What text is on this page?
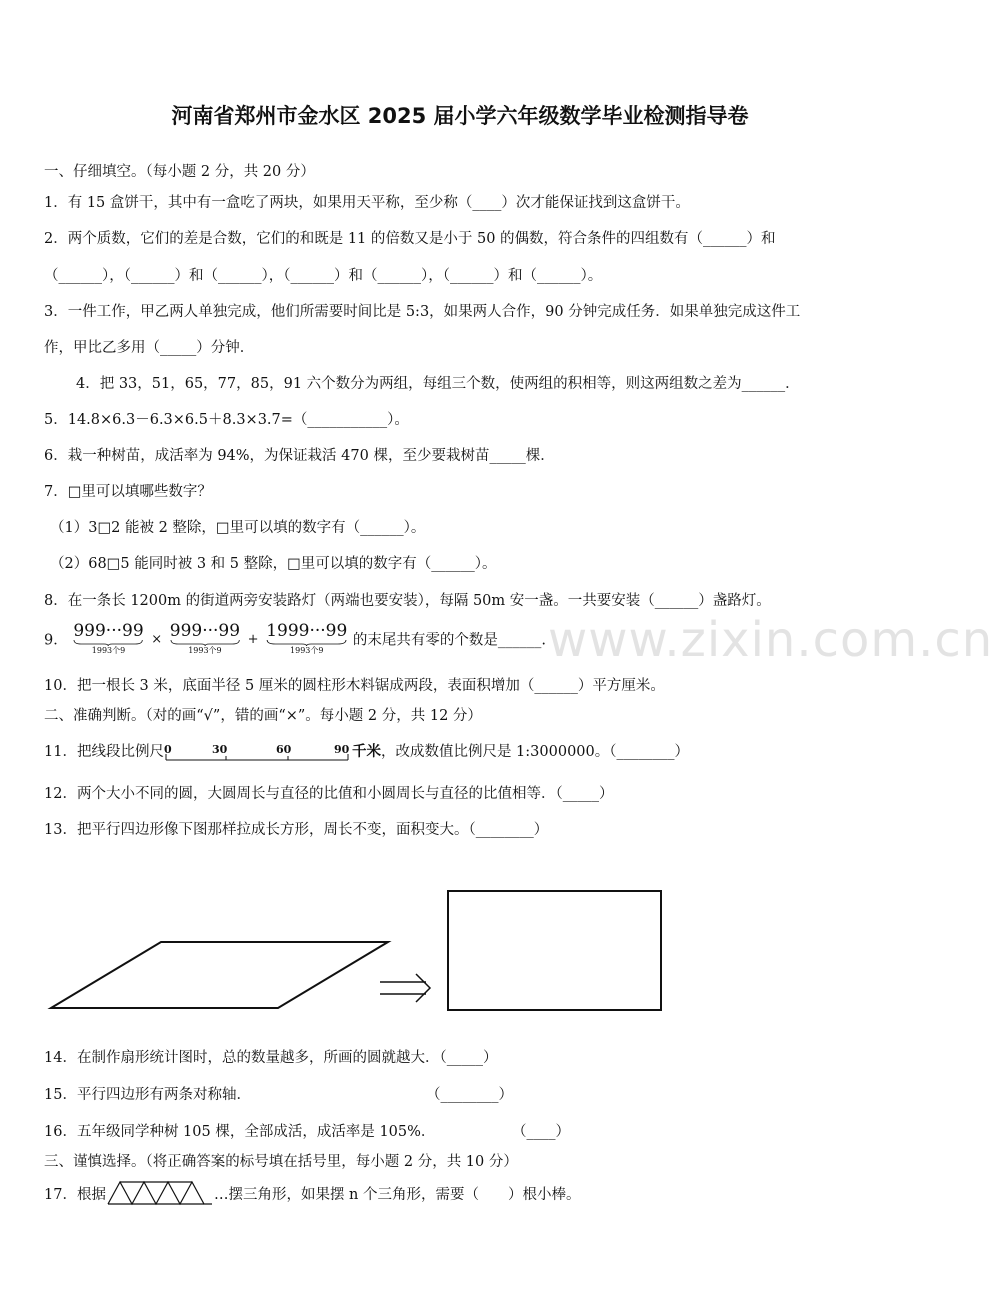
河南省郑州市金水区 2025 届小学六年级数学毕业检测指导卷
www.zixin.com.cn
一、仔细填空。（每小题 2 分，共 20 分）
1．有 15 盒饼干，其中有一盒吃了两块，如果用天平称，至少称（____）次才能保证找到这盒饼干。
2．两个质数，它们的差是合数，它们的和既是 11 的倍数又是小于 50 的偶数，符合条件的四组数有（______）和
（______），（______）和（______），（______）和（______），（______）和（______）。
3．一件工作，甲乙两人单独完成，他们所需要时间比是 5:3，如果两人合作，90 分钟完成任务．如果单独完成这件工
作，甲比乙多用（_____）分钟．
4．把 33，51，65，77，85，91 六个数分为两组，每组三个数，使两组的积相等，则这两组数之差为______．
5．14.8×6.3－6.3×6.5＋8.3×3.7=（___________）。
6．栽一种树苗，成活率为 94%，为保证栽活 470 棵，至少要栽树苗_____棵．
7．□里可以填哪些数字？
（1）3□2 能被 2 整除，□里可以填的数字有（______）。
（2）68□5 能同时被 3 和 5 整除，□里可以填的数字有（______）。
8．在一条长 1200m 的街道两旁安装路灯（两端也要安装），每隔 50m 安一盏。一共要安装（______）盏路灯。
9． 999···99
1993个9
× 999···99
1993个9
+ 1999···99
1993个9
的末尾共有零的个数是______.
10．把一根长 3 米，底面半径 5 厘米的圆柱形木料锯成两段，表面积增加（______）平方厘米。
二、准确判断。（对的画“√”，错的画“×”。每小题 2 分，共 12 分）
11．把线段比例尺 0	30	60	90 千米，改成数值比例尺是 1:3000000。（________）
12．两个大小不同的圆，大圆周长与直径的比值和小圆周长与直径的比值相等．（_____）
13．把平行四边形像下图那样拉成长方形，周长不变，面积变大。（________）
14．在制作扇形统计图时，总的数量越多，所画的圆就越大．（_____）
15．平行四边形有两条对称轴．	（________）
16．五年级同学种树 105 棵，全部成活，成活率是 105%．	（____）
三、谨慎选择。（将正确答案的标号填在括号里，每小题 2 分，共 10 分）
17．根据	…摆三角形，如果摆 n 个三角形，需要（　　）根小棒。
